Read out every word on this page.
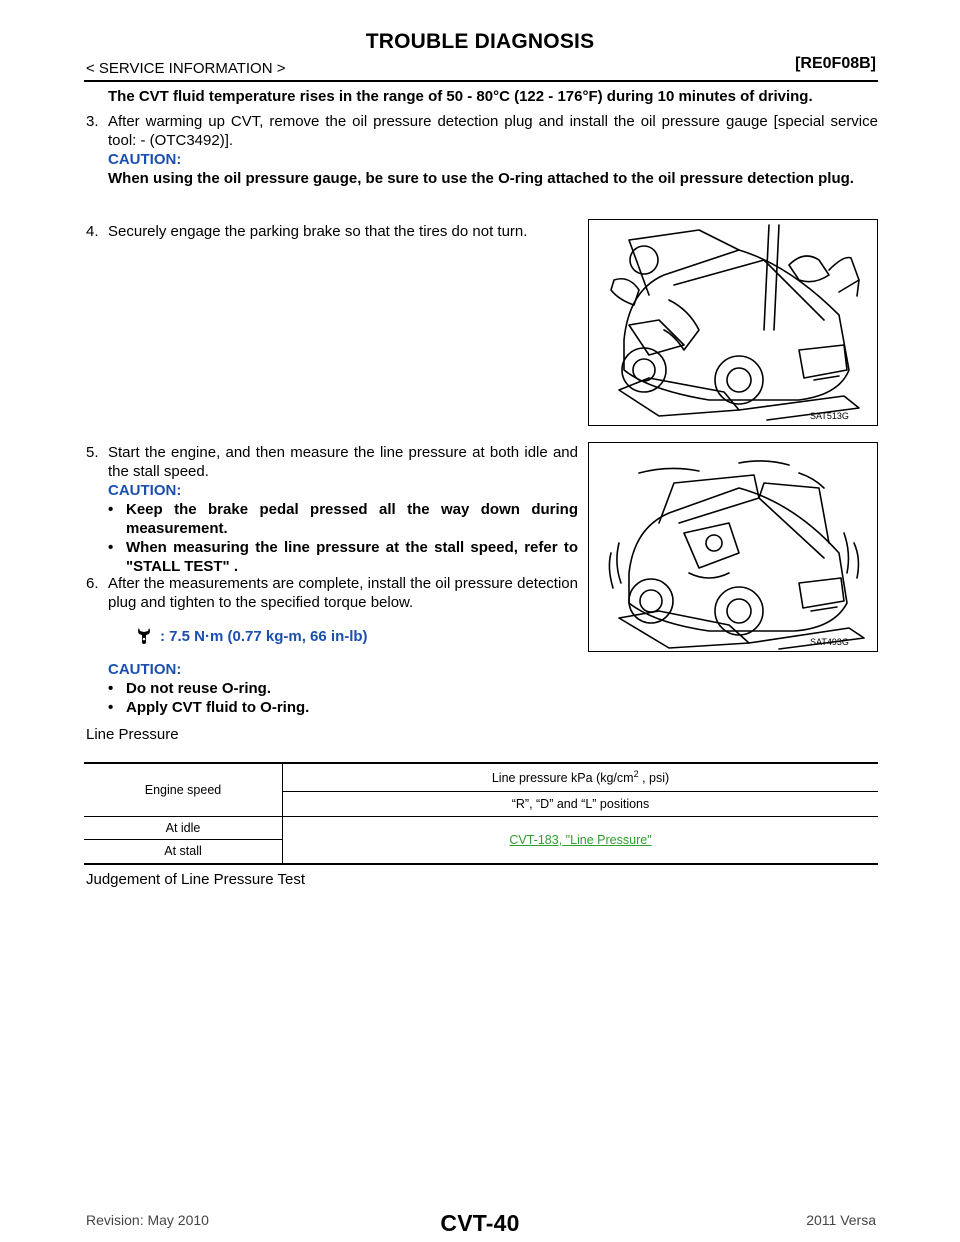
CVT-40
TROUBLE DIAGNOSIS
< SERVICE INFORMATION >	[RE0F08B]
The CVT fluid temperature rises in the range of 50 - 80°C (122 - 176°F) during 10 minutes of driving.
3. After warming up CVT, remove the oil pressure detection plug and install the oil pressure gauge [special service tool: - (OTC3492)].
CAUTION:
When using the oil pressure gauge, be sure to use the O-ring attached to the oil pressure detection plug.
4. Securely engage the parking brake so that the tires do not turn.
SAT513G
5. Start the engine, and then measure the line pressure at both idle and the stall speed.
CAUTION:
• Keep the brake pedal pressed all the way down during measurement.
• When measuring the line pressure at the stall speed, refer to "STALL TEST" .
6. After the measurements are complete, install the oil pressure detection plug and tighten to the specified torque below.
: 7.5 N·m (0.77 kg-m, 66 in-lb)
CAUTION:
• Do not reuse O-ring.
• Apply CVT fluid to O-ring.
SAT493G
Line Pressure
Engine speed	Line pressure kPa ($kg/cm^2$ , psi)
	“R”, “D” and “L” positions
At idle	CVT-183, "Line Pressure"
At stall	
Judgement of Line Pressure Test
Revision: May 2010	2011 Versa
